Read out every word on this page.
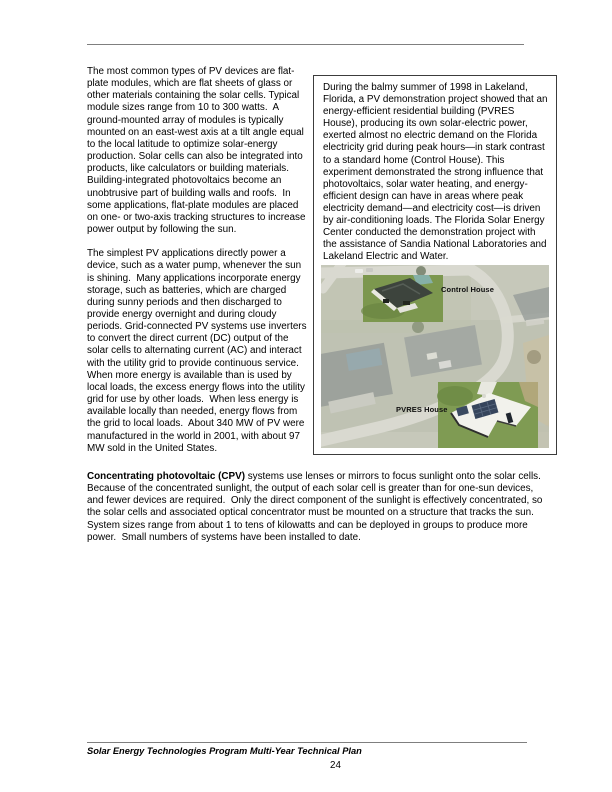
The most common types of PV devices are flat-plate modules, which are flat sheets of glass or other materials containing the solar cells. Typical module sizes range from 10 to 300 watts.  A ground-mounted array of modules is typically mounted on an east-west axis at a tilt angle equal to the local latitude to optimize solar-energy production. Solar cells can also be integrated into products, like calculators or building materials.  Building-integrated photovoltaics become an unobtrusive part of building walls and roofs.  In some applications, flat-plate modules are placed on one- or two-axis tracking structures to increase power output by following the sun.

The simplest PV applications directly power a device, such as a water pump, whenever the sun is shining.  Many applications incorporate energy storage, such as batteries, which are charged during sunny periods and then discharged to provide energy overnight and during cloudy periods. Grid-connected PV systems use inverters to convert the direct current (DC) output of the solar cells to alternating current (AC) and interact with the utility grid to provide continuous service.  When more energy is available than is used by local loads, the excess energy flows into the utility grid for use by other loads.  When less energy is available locally than needed, energy flows from the grid to local loads.  About 340 MW of PV were manufactured in the world in 2001, with about 97 MW sold in the United States.

During the balmy summer of 1998 in Lakeland, Florida, a PV demonstration project showed that an energy-efficient residential building (PVRES House), producing its own solar-electric power, exerted almost no electric demand on the Florida electricity grid during peak hours—in stark contrast to a standard home (Control House). This experiment demonstrated the strong influence that photovoltaics, solar water heating, and energy-efficient design can have in areas where peak electricity demand—and electricity cost—is driven by air-conditioning loads. The Florida Solar Energy Center conducted the demonstration project with the assistance of Sandia National Laboratories and Lakeland Electric and Water.
Control House
PVRES House

Concentrating photovoltaic (CPV) systems use lenses or mirrors to focus sunlight onto the solar cells.  Because of the concentrated sunlight, the output of each solar cell is greater than for one-sun devices, and fewer devices are required.  Only the direct component of the sunlight is effectively concentrated, so the solar cells and associated optical concentrator must be mounted on a structure that tracks the sun.  System sizes range from about 1 to tens of kilowatts and can be deployed in groups to produce more power.  Small numbers of systems have been installed to date.

Solar Energy Technologies Program Multi-Year Technical Plan
24
